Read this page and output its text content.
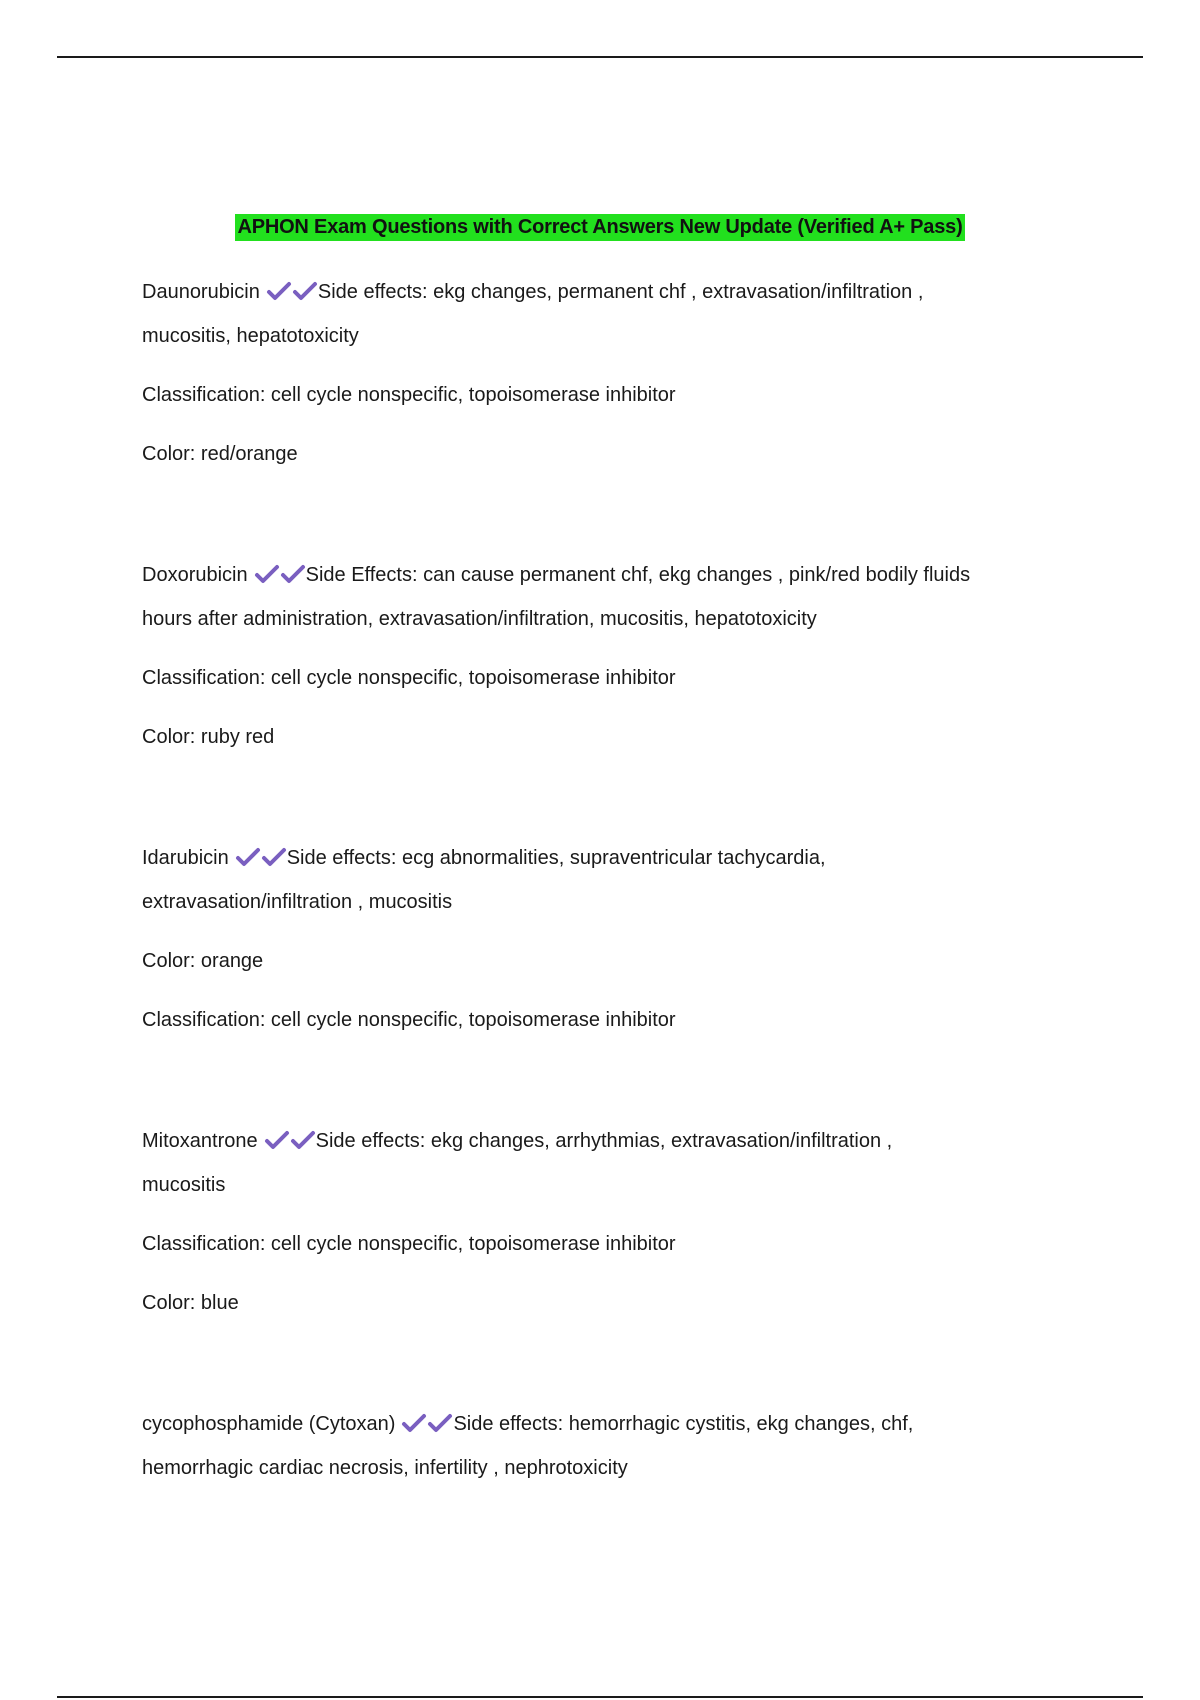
APHON Exam Questions with Correct Answers New Update (Verified A+ Pass)
Daunorubicin	Side effects: ekg changes, permanent chf , extravasation/infiltration ,
mucositis, hepatotoxicity
Classification: cell cycle nonspecific, topoisomerase inhibitor
Color: red/orange
Doxorubicin	Side Effects: can cause permanent chf, ekg changes , pink/red bodily fluids
hours after administration, extravasation/infiltration, mucositis, hepatotoxicity
Classification: cell cycle nonspecific, topoisomerase inhibitor
Color: ruby red
Idarubicin	Side effects: ecg abnormalities, supraventricular tachycardia,
extravasation/infiltration , mucositis
Color: orange
Classification: cell cycle nonspecific, topoisomerase inhibitor
Mitoxantrone	Side effects: ekg changes, arrhythmias, extravasation/infiltration ,
mucositis
Classification: cell cycle nonspecific, topoisomerase inhibitor
Color: blue
cycophosphamide (Cytoxan)	Side effects: hemorrhagic cystitis, ekg changes, chf,
hemorrhagic cardiac necrosis, infertility , nephrotoxicity
